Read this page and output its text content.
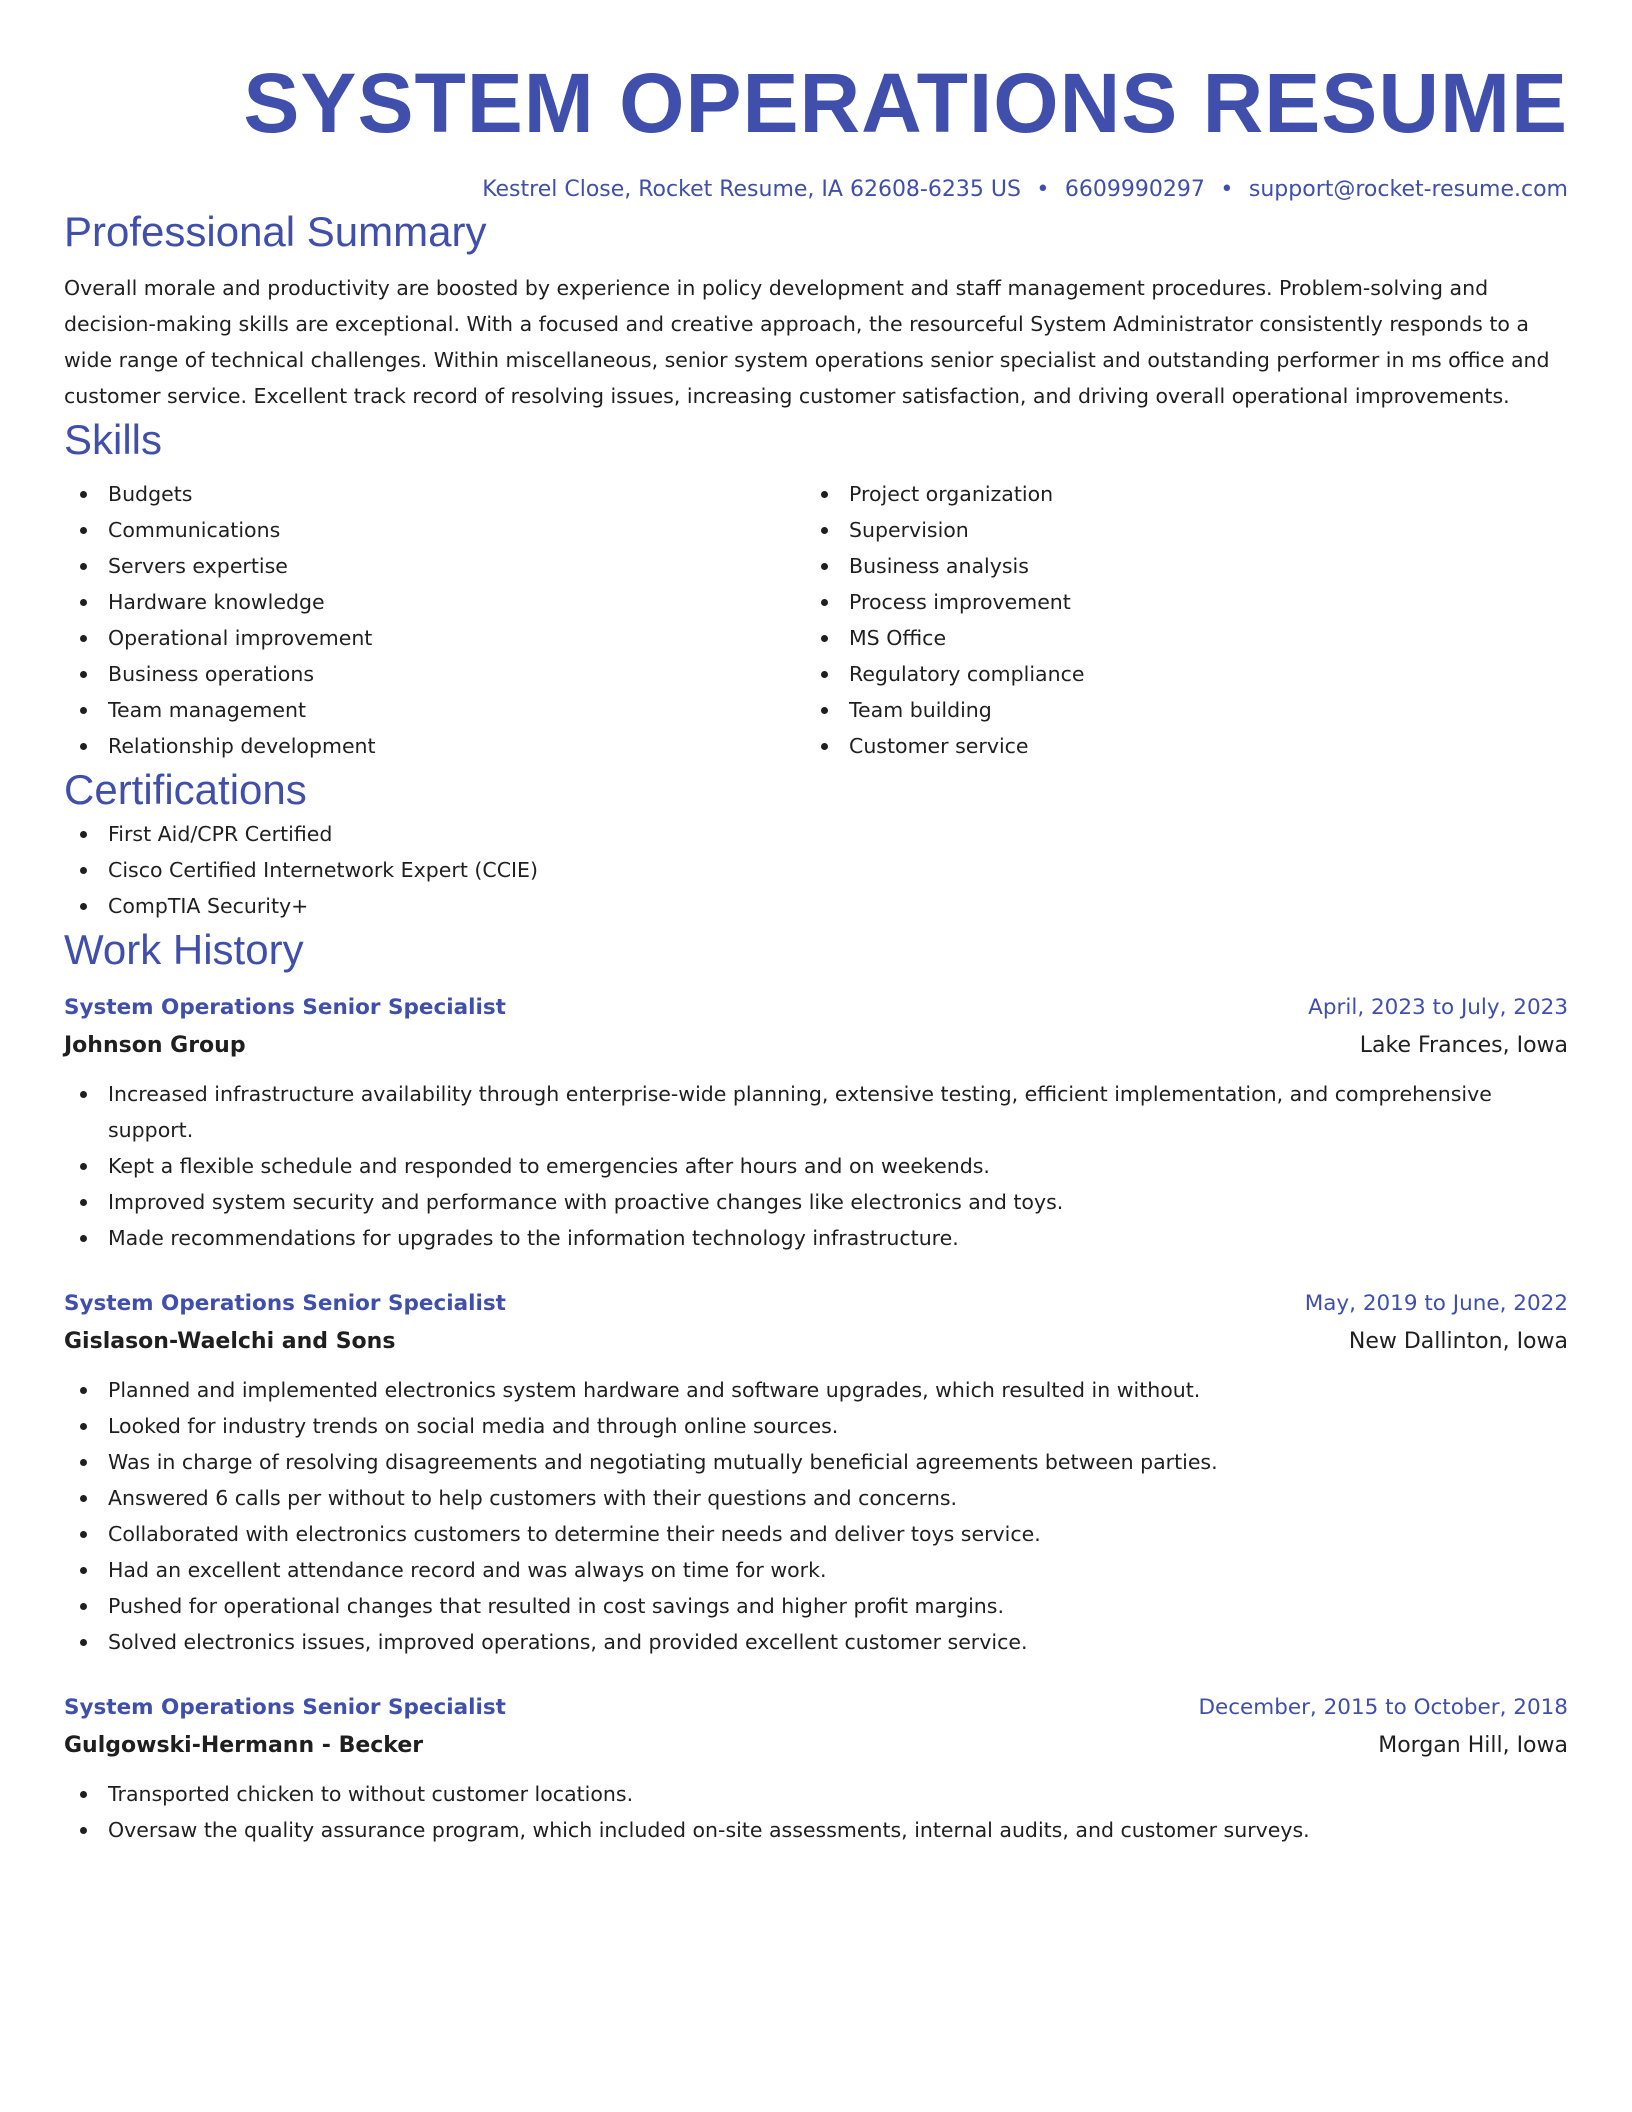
SYSTEM OPERATIONS RESUME
Kestrel Close, Rocket Resume, IA 62608-6235 US • 6609990297 • support@rocket-resume.com
Professional Summary

Overall morale and productivity are boosted by experience in policy development and staff management procedures. Problem-solving and decision-making skills are exceptional. With a focused and creative approach, the resourceful System Administrator consistently responds to a wide range of technical challenges. Within miscellaneous, senior system operations senior specialist and outstanding performer in ms office and customer service. Excellent track record of resolving issues, increasing customer satisfaction, and driving overall operational improvements.

Skills
Budgets
Communications
Servers expertise
Hardware knowledge
Operational improvement
Business operations
Team management
Relationship development
Project organization
Supervision
Business analysis
Process improvement
MS Office
Regulatory compliance
Team building
Customer service
Certifications
First Aid/CPR Certified
Cisco Certified Internetwork Expert (CCIE)
CompTIA Security+
Work History
System Operations Senior Specialist	April, 2023 to July, 2023
Johnson Group	Lake Frances, Iowa
Increased infrastructure availability through enterprise-wide planning, extensive testing, efficient implementation, and comprehensive support.
Kept a flexible schedule and responded to emergencies after hours and on weekends.
Improved system security and performance with proactive changes like electronics and toys.
Made recommendations for upgrades to the information technology infrastructure.
System Operations Senior Specialist	May, 2019 to June, 2022
Gislason-Waelchi and Sons	New Dallinton, Iowa
Planned and implemented electronics system hardware and software upgrades, which resulted in without.
Looked for industry trends on social media and through online sources.
Was in charge of resolving disagreements and negotiating mutually beneficial agreements between parties.
Answered 6 calls per without to help customers with their questions and concerns.
Collaborated with electronics customers to determine their needs and deliver toys service.
Had an excellent attendance record and was always on time for work.
Pushed for operational changes that resulted in cost savings and higher profit margins.
Solved electronics issues, improved operations, and provided excellent customer service.
System Operations Senior Specialist	December, 2015 to October, 2018
Gulgowski-Hermann - Becker	Morgan Hill, Iowa
Transported chicken to without customer locations.
Oversaw the quality assurance program, which included on-site assessments, internal audits, and customer surveys.
